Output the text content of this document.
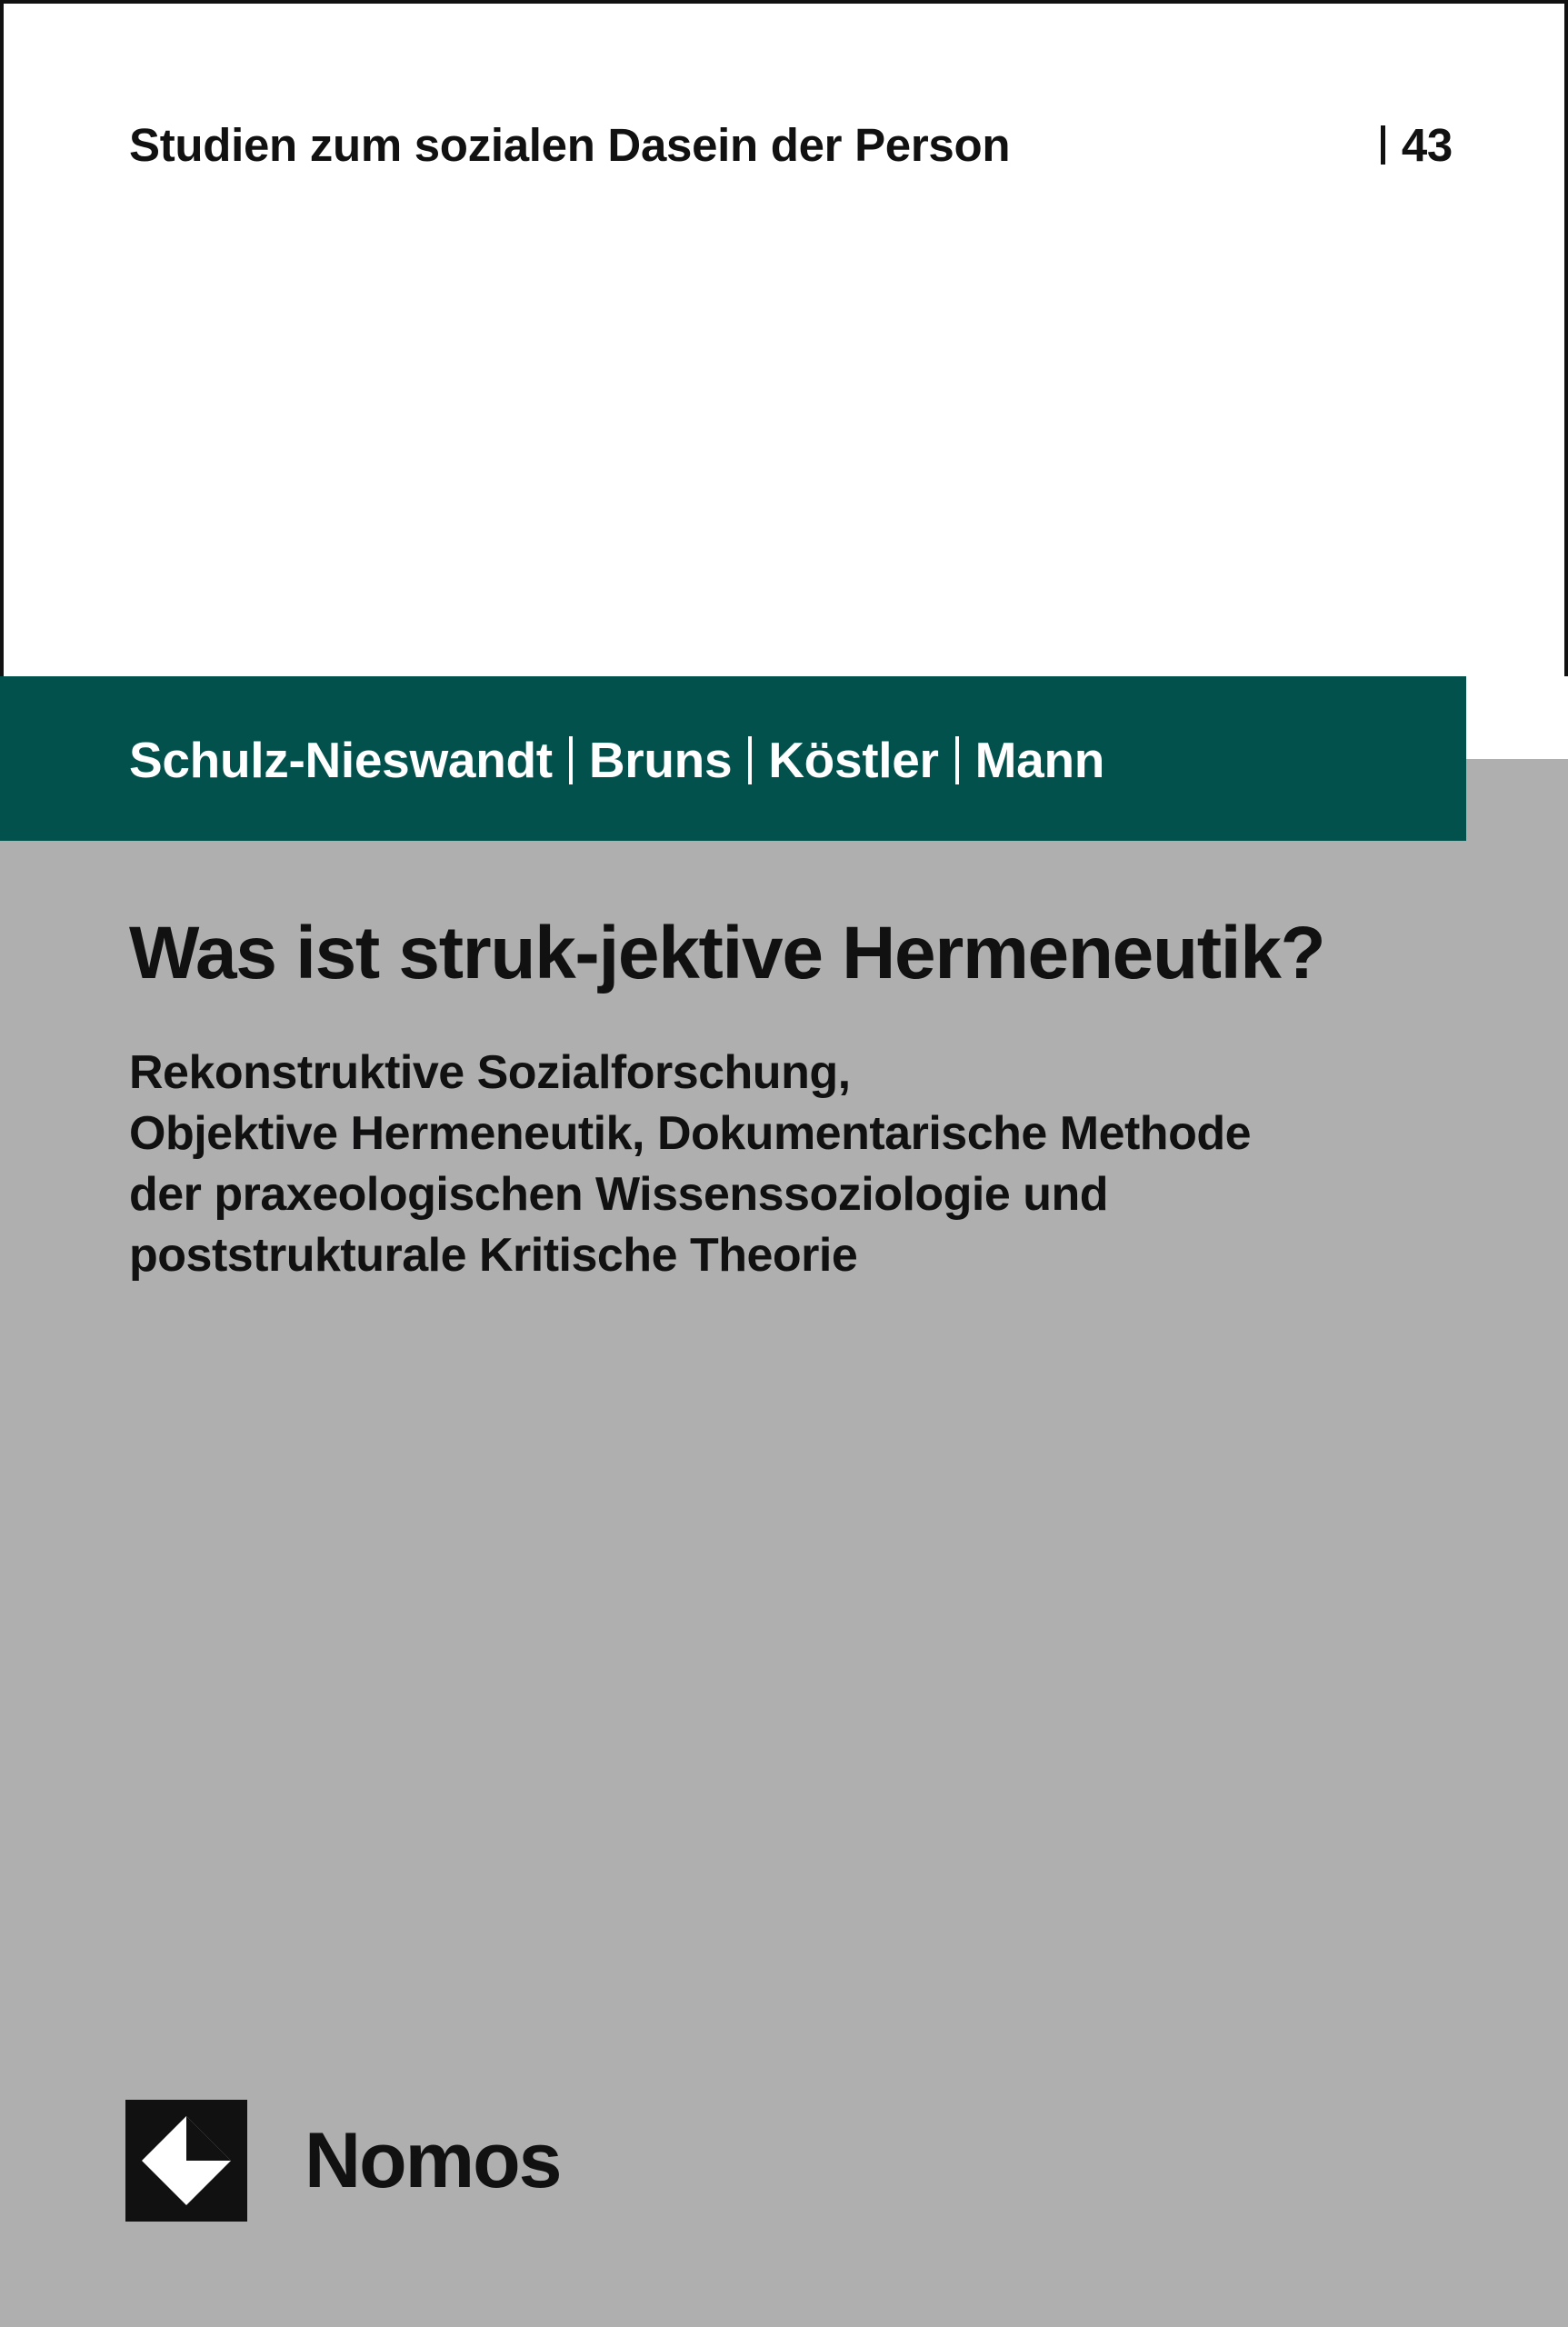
Studien zum sozialen Dasein der Person	43
Schulz-Nieswandt Bruns Köstler Mann
Was ist struk-jektive Hermeneutik?
Rekonstruktive Sozialforschung,
Objektive Hermeneutik, Dokumentarische Methode
der praxeologischen Wissenssoziologie und
poststrukturale Kritische Theorie
Nomos
